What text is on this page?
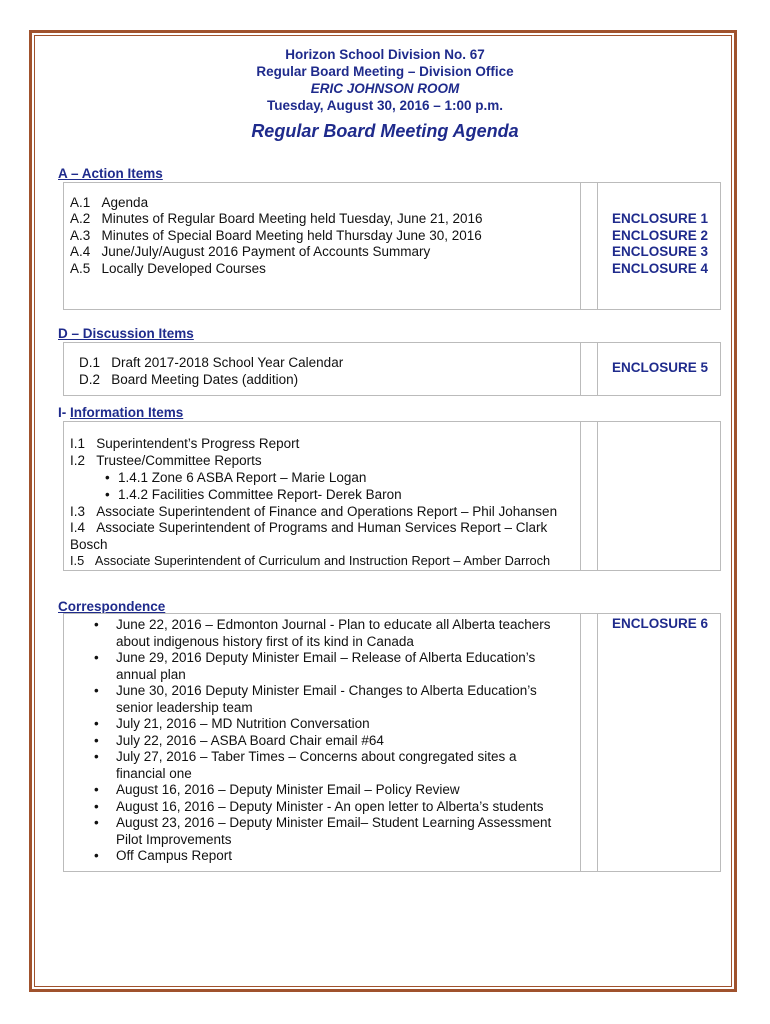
Horizon School Division No. 67
Regular Board Meeting – Division Office
ERIC JOHNSON ROOM
Tuesday, August 30, 2016 – 1:00 p.m.
Regular Board Meeting Agenda
A – Action Items
A.1 Agenda
A.2 Minutes of Regular Board Meeting held Tuesday, June 21, 2016
A.3 Minutes of Special Board Meeting held Thursday June 30, 2016
A.4 June/July/August 2016 Payment of Accounts Summary
A.5 Locally Developed Courses
ENCLOSURE 1
ENCLOSURE 2
ENCLOSURE 3
ENCLOSURE 4
D – Discussion Items
D.1 Draft 2017-2018 School Year Calendar
D.2 Board Meeting Dates (addition)
ENCLOSURE 5
I- Information Items
I.1 Superintendent’s Progress Report
I.2 Trustee/Committee Reports
• 1.4.1 Zone 6 ASBA Report – Marie Logan
• 1.4.2 Facilities Committee Report- Derek Baron
I.3 Associate Superintendent of Finance and Operations Report – Phil Johansen
I.4 Associate Superintendent of Programs and Human Services Report – Clark
Bosch
I.5 Associate Superintendent of Curriculum and Instruction Report – Amber Darroch
Correspondence
ENCLOSURE 6
• June 22, 2016 – Edmonton Journal - Plan to educate all Alberta teachers
about indigenous history first of its kind in Canada
• June 29, 2016 Deputy Minister Email – Release of Alberta Education’s
annual plan
• June 30, 2016 Deputy Minister Email - Changes to Alberta Education’s
senior leadership team
• July 21, 2016 – MD Nutrition Conversation
• July 22, 2016 – ASBA Board Chair email #64
• July 27, 2016 – Taber Times – Concerns about congregated sites a
financial one
• August 16, 2016 – Deputy Minister Email – Policy Review
• August 16, 2016 – Deputy Minister - An open letter to Alberta’s students
• August 23, 2016 – Deputy Minister Email– Student Learning Assessment
Pilot Improvements
• Off Campus Report
